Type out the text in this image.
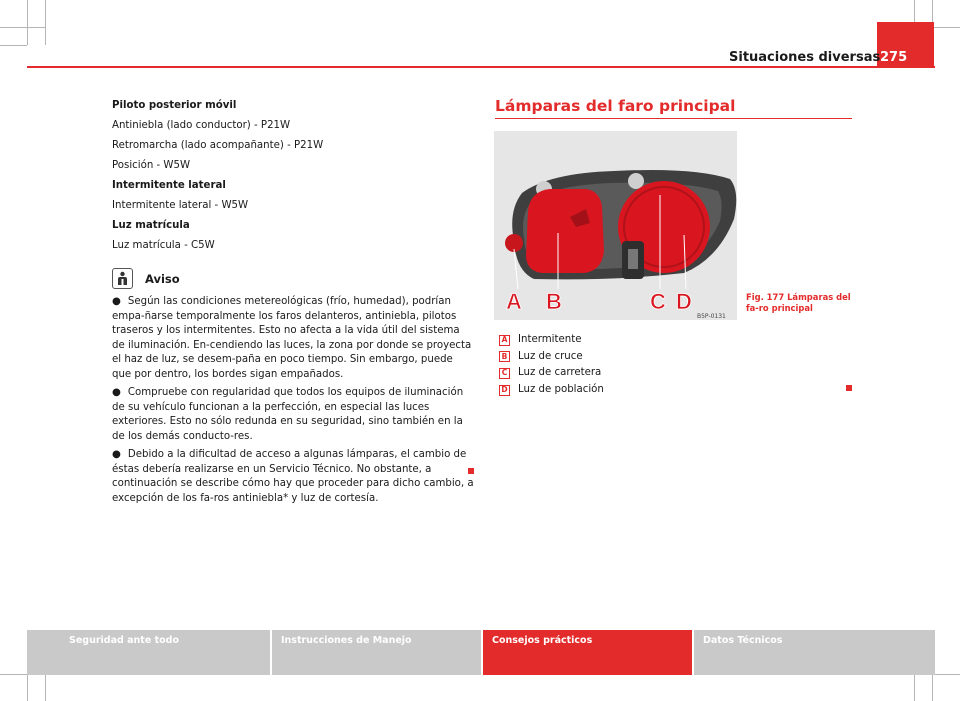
Situaciones diversas 275

Piloto posterior móvil

Antiniebla (lado conductor) - P21W

Retromarcha (lado acompañante) - P21W

Posición - W5W

Intermitente lateral

Intermitente lateral - W5W

Luz matrícula

Luz matrícula - C5W

Aviso

● Según las condiciones metereológicas (frío, humedad), podrían empa-ñarse temporalmente los faros delanteros, antiniebla, pilotos traseros y los intermitentes. Esto no afecta a la vida útil del sistema de iluminación. En-cendiendo las luces, la zona por donde se proyecta el haz de luz, se desem-paña en poco tiempo. Sin embargo, puede que por dentro, los bordes sigan empañados.

● Compruebe con regularidad que todos los equipos de iluminación de su vehículo funcionan a la perfección, en especial las luces exteriores. Esto no sólo redunda en su seguridad, sino también en la de los demás conducto-res.

● Debido a la dificultad de acceso a algunas lámparas, el cambio de éstas debería realizarse en un Servicio Técnico. No obstante, a continuación se describe cómo hay que proceder para dicho cambio, a excepción de los fa-ros antiniebla* y luz de cortesía.

Lámparas del faro principal
A B	C D
B5P-0131
Fig. 177 Lámparas del fa-ro principal
A Intermitente
B Luz de cruce
C Luz de carretera
D Luz de población
Seguridad ante todo	Instrucciones de Manejo	Consejos prácticos	Datos Técnicos
